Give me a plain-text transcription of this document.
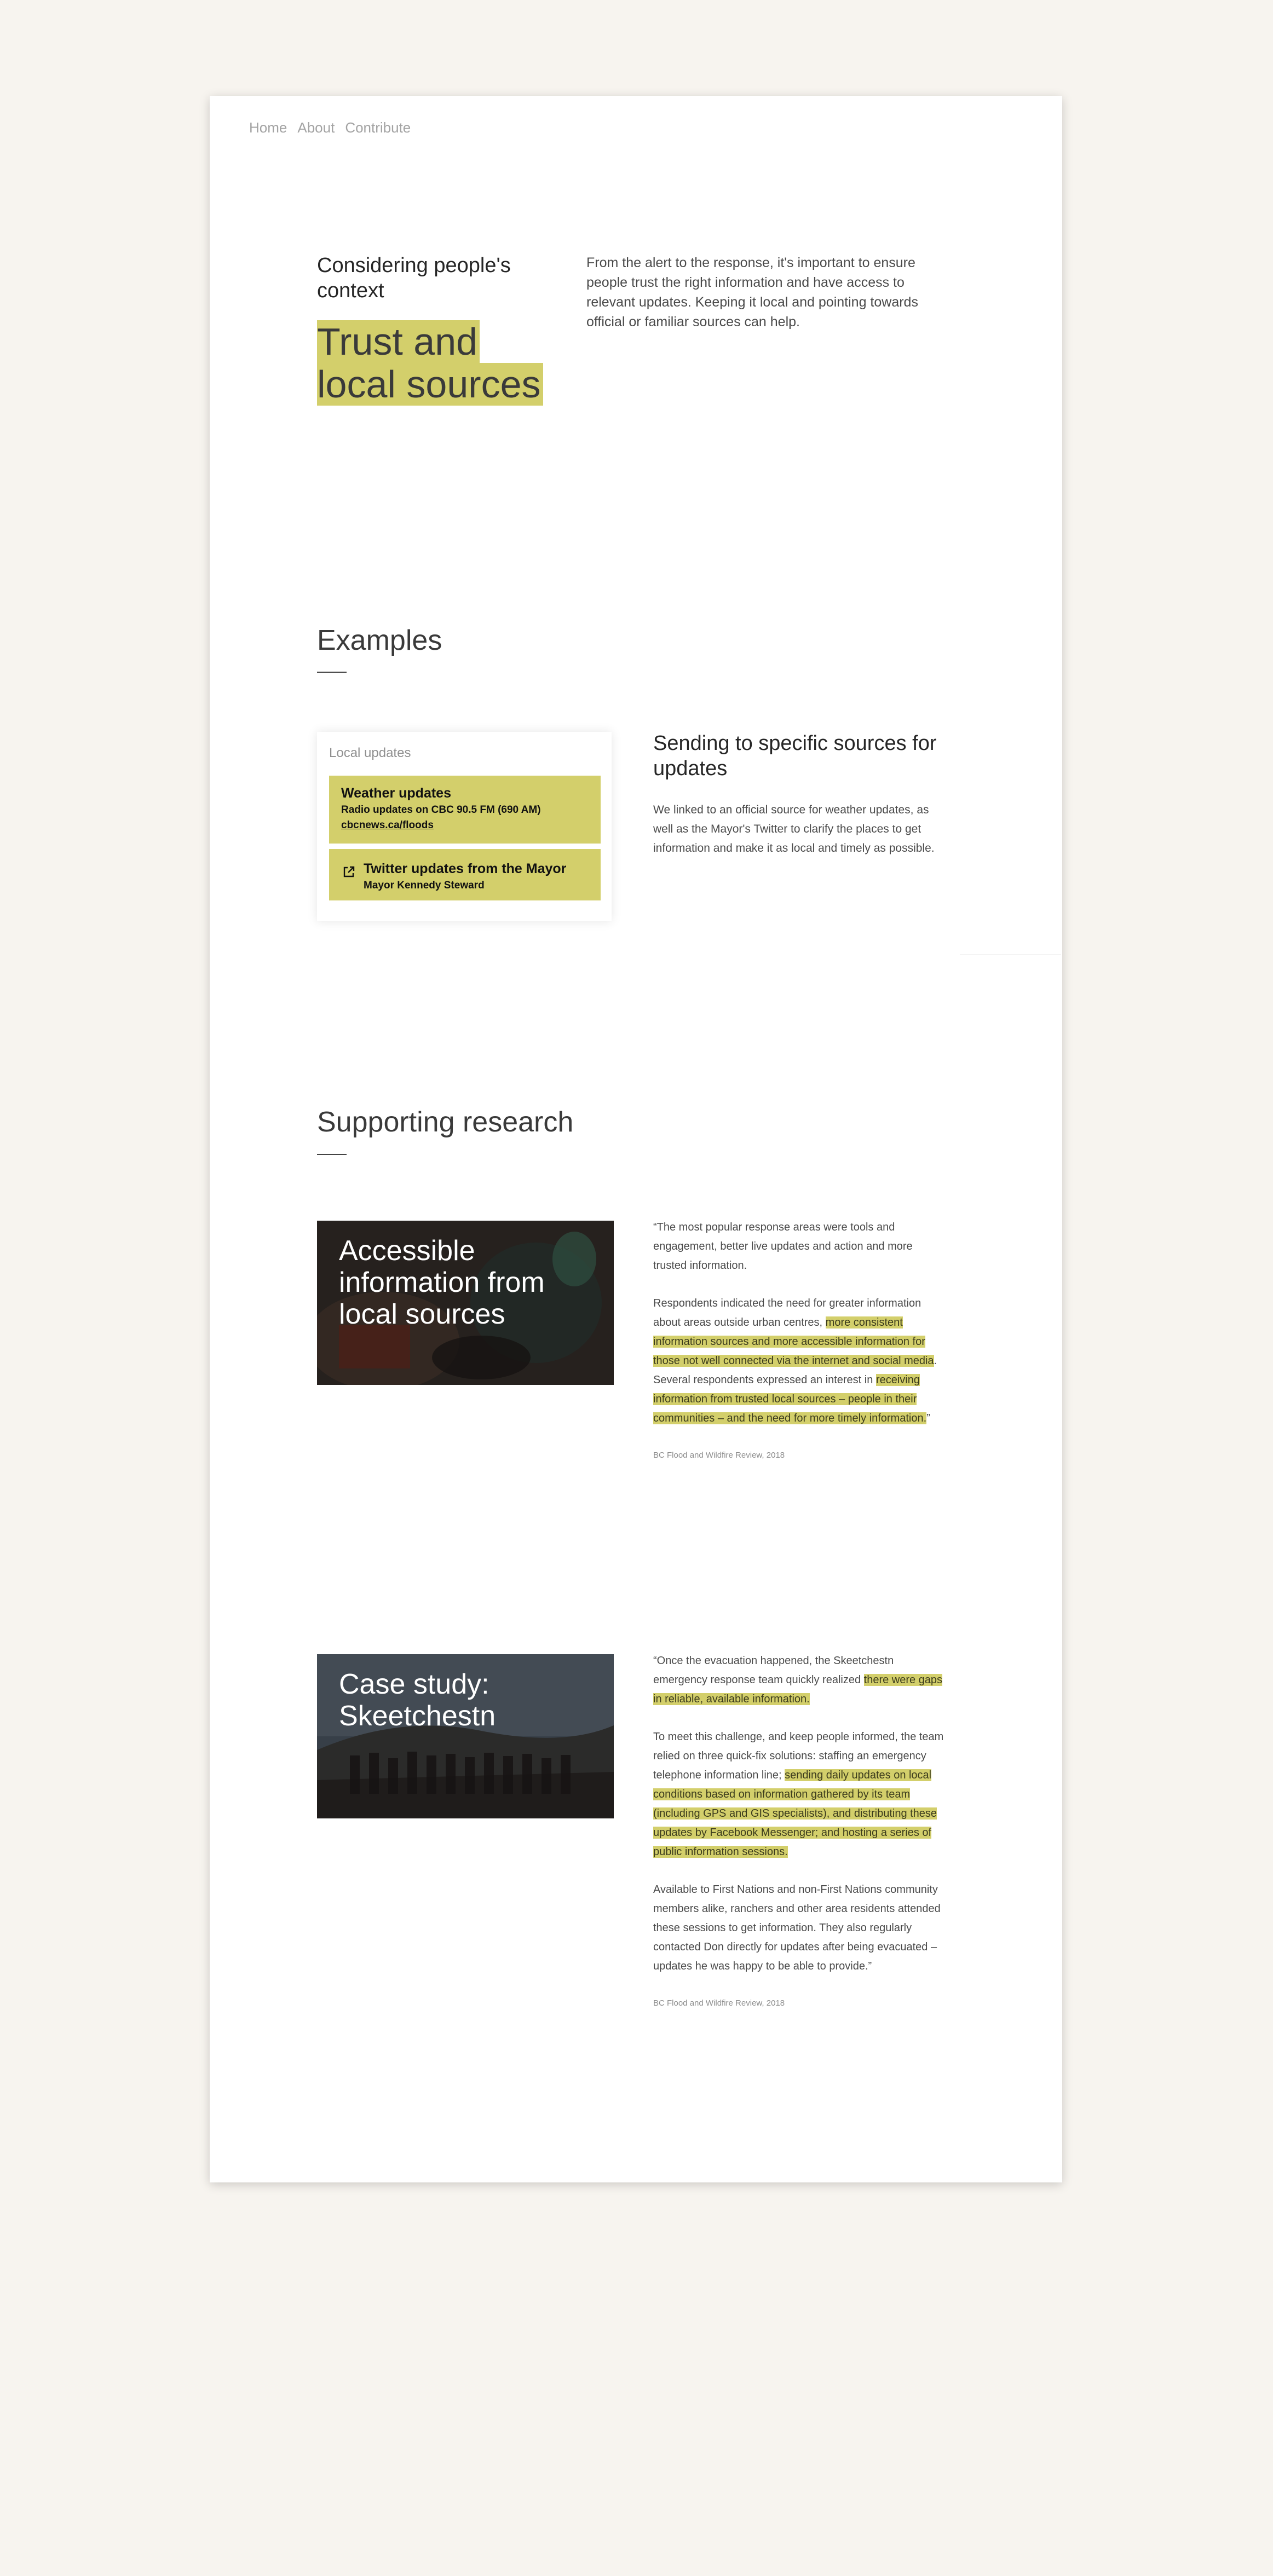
Home About Contribute
Considering people's context
Trust and
local sources
From the alert to the response, it's important to ensure people trust the right information and have access to relevant updates. Keeping it local and pointing towards official or familiar sources can help.
Examples
Local updates
Weather updates
Radio updates on CBC 90.5 FM (690 AM)
cbcnews.ca/floods
Twitter updates from the Mayor
Mayor Kennedy Steward
Sending to specific sources for updates
We linked to an official source for weather updates, as well as the Mayor's Twitter to clarify the places to get information and make it as local and timely as possible.
Supporting research
Accessible information from local sources

“The most popular response areas were tools and engagement, better live updates and action and more trusted information.

Respondents indicated the need for greater information about areas outside urban centres, more consistent information sources and more accessible information for those not well connected via the internet and social media. Several respondents expressed an interest in receiving information from trusted local sources – people in their communities – and the need for more timely information.”

BC Flood and Wildfire Review, 2018
Case study: Skeetchestn

“Once the evacuation happened, the Skeetchestn emergency response team quickly realized there were gaps in reliable, available information.

To meet this challenge, and keep people informed, the team relied on three quick-fix solutions: staffing an emergency telephone information line; sending daily updates on local conditions based on information gathered by its team (including GPS and GIS specialists), and distributing these updates by Facebook Messenger; and hosting a series of public information sessions.

Available to First Nations and non-First Nations community members alike, ranchers and other area residents attended these sessions to get information. They also regularly contacted Don directly for updates after being evacuated – updates he was happy to be able to provide.”

BC Flood and Wildfire Review, 2018
